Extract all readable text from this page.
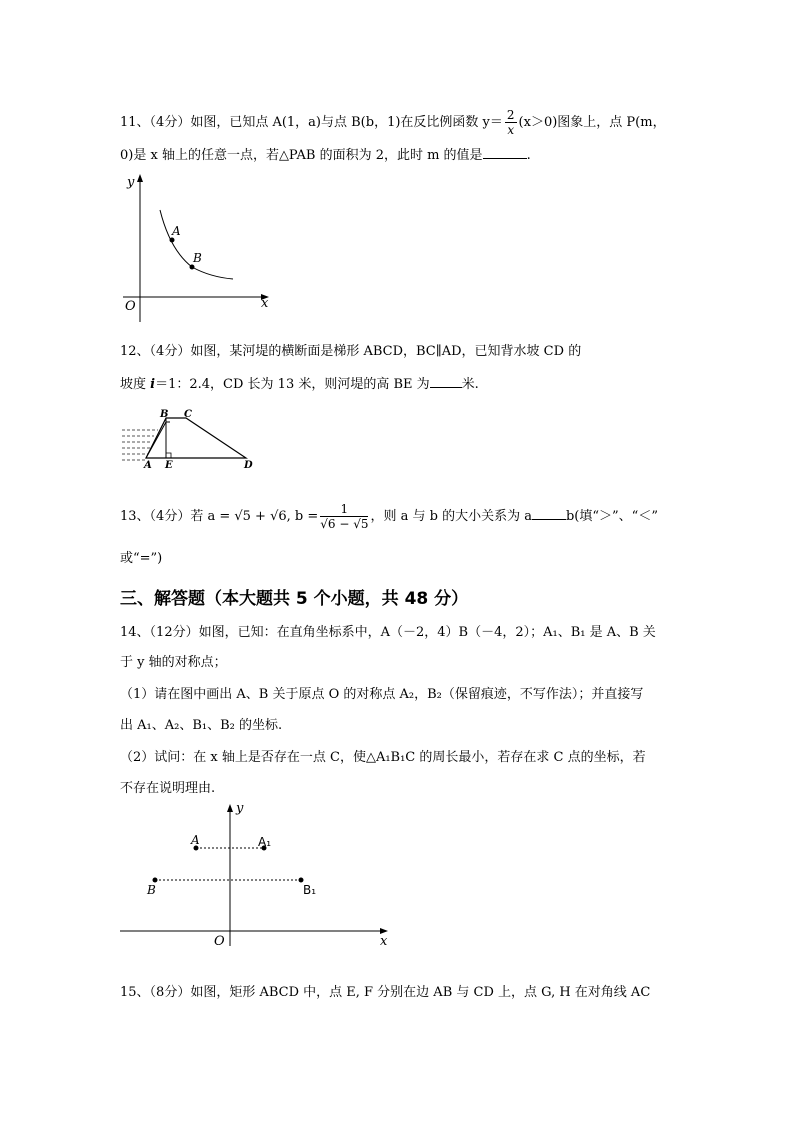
11、（4分）如图，已知点 A(1，a)与点 B(b，1)在反比例函数 $y= \frac{2}{x} (x>0)$图象上，点 P(m，
0)是 x 轴上的任意一点，若△PAB 的面积为 2，此时 m 的值是	.
y
x
O
A
B
12、（4分）如图，某河堤的横断面是梯形 ABCD，BC∥AD，已知背水坡 CD 的
坡度 i＝1：2.4，CD 长为 13 米，则河堤的高 BE 为 米.
B C
A E	D
13、（4分）若 a = √5 + √6, $b = \frac{1}{√6 - √5}$ ，则 a 与 b 的大小关系为 a	b(填“＞”、“＜”
或“=”)
三、解答题（本大题共 5 个小题，共 48 分）
14、（12分）如图，已知：在直角坐标系中，A（－2，4）B（－4，2）；A₁、B₁ 是 A、B 关
于 y 轴的对称点；
（1）请在图中画出 A、B 关于原点 O 的对称点 A₂，B₂（保留痕迹，不写作法）；并直接写
出 A₁、A₂、B₁、B₂ 的坐标.
（2）试问：在 x 轴上是否存在一点 C，使△A₁B₁C 的周长最小，若存在求 C 点的坐标，若
不存在说明理由.
y
x
O
A	A₁
B	B₁
15、（8分）如图，矩形 ABCD 中，点 E, F 分别在边 AB 与 CD 上，点 G, H 在对角线 AC
